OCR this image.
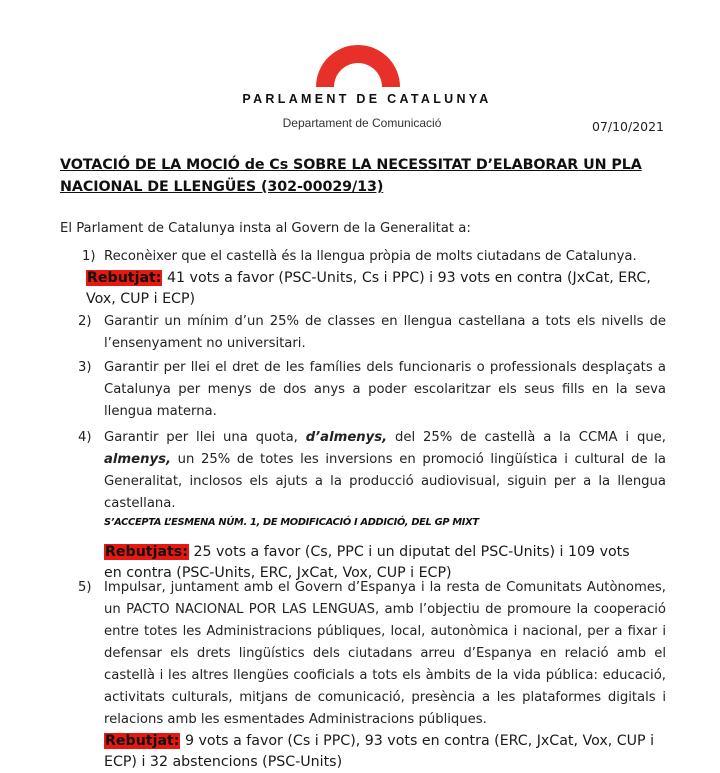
PARLAMENT DE CATALUNYA
Departament de Comunicació	07/10/2021
VOTACIÓ DE LA MOCIÓ de Cs SOBRE LA NECESSITAT D’ELABORAR UN PLA NACIONAL DE LLENGÜES (302-00029/13)
El Parlament de Catalunya insta al Govern de la Generalitat a:
1) Reconèixer que el castellà és la llengua pròpia de molts ciutadans de Catalunya.
Rebutjat: 41 vots a favor (PSC-Units, Cs i PPC) i 93 vots en contra (JxCat, ERC, Vox, CUP i ECP)
2) Garantir un mínim d’un 25% de classes en llengua castellana a tots els nivells de l’ensenyament no universitari.
3) Garantir per llei el dret de les famílies dels funcionaris o professionals desplaçats a Catalunya per menys de dos anys a poder escolaritzar els seus fills en la seva llengua materna.
4) Garantir per llei una quota, d’almenys, del 25% de castellà a la CCMA i que, almenys, un 25% de totes les inversions en promoció lingüística i cultural de la Generalitat, inclosos els ajuts a la producció audiovisual, siguin per a la llengua castellana.
S’ACCEPTA L’ESMENA NÚM. 1, DE MODIFICACIÓ I ADDICIÓ, DEL GP MIXT
Rebutjats: 25 vots a favor (Cs, PPC i un diputat del PSC-Units) i 109 vots en contra (PSC-Units, ERC, JxCat, Vox, CUP i ECP)
5) Impulsar, juntament amb el Govern d’Espanya i la resta de Comunitats Autònomes, un PACTO NACIONAL POR LAS LENGUAS, amb l’objectiu de promoure la cooperació entre totes les Administracions públiques, local, autonòmica i nacional, per a fixar i defensar els drets lingüístics dels ciutadans arreu d’Espanya en relació amb el castellà i les altres llengües cooficials a tots els àmbits de la vida pública: educació, activitats culturals, mitjans de comunicació, presència a les plataformes digitals i relacions amb les esmentades Administracions públiques.
Rebutjat: 9 vots a favor (Cs i PPC), 93 vots en contra (ERC, JxCat, Vox, CUP i ECP) i 32 abstencions (PSC-Units)
